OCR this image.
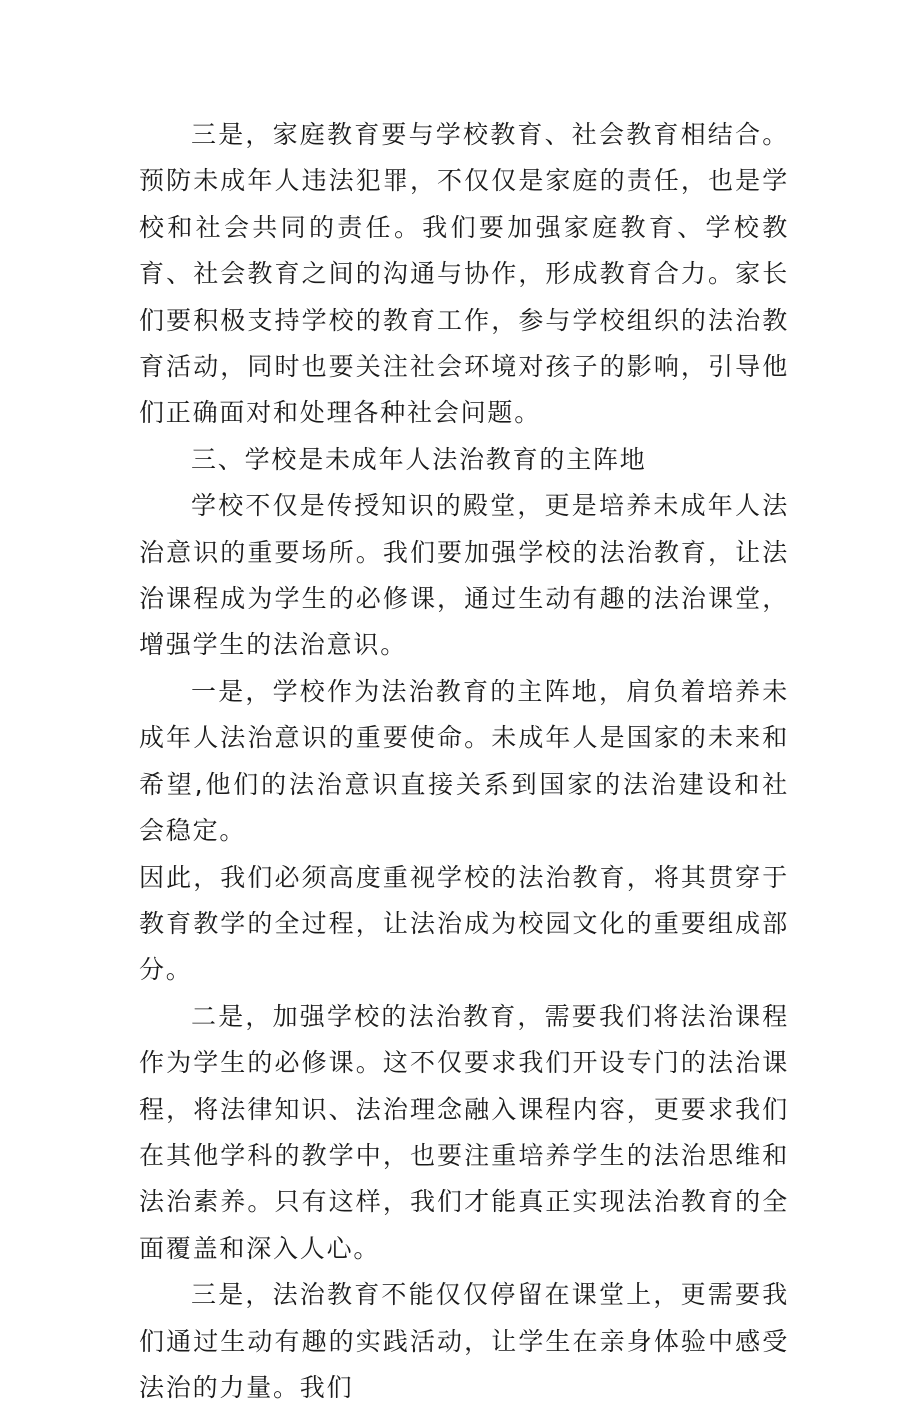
三是，家庭教育要与学校教育、社会教育相结合。预防未成年人违法犯罪，不仅仅是家庭的责任，也是学校和社会共同的责任。我们要加强家庭教育、学校教育、社会教育之间的沟通与协作，形成教育合力。家长们要积极支持学校的教育工作，参与学校组织的法治教育活动，同时也要关注社会环境对孩子的影响，引导他们正确面对和处理各种社会问题。

三、学校是未成年人法治教育的主阵地

学校不仅是传授知识的殿堂，更是培养未成年人法治意识的重要场所。我们要加强学校的法治教育，让法治课程成为学生的必修课，通过生动有趣的法治课堂，增强学生的法治意识。

一是，学校作为法治教育的主阵地，肩负着培养未成年人法治意识的重要使命。未成年人是国家的未来和希望,他们的法治意识直接关系到国家的法治建设和社会稳定。

因此，我们必须高度重视学校的法治教育，将其贯穿于教育教学的全过程，让法治成为校园文化的重要组成部分。

二是，加强学校的法治教育，需要我们将法治课程作为学生的必修课。这不仅要求我们开设专门的法治课程，将法律知识、法治理念融入课程内容，更要求我们在其他学科的教学中，也要注重培养学生的法治思维和法治素养。只有这样，我们才能真正实现法治教育的全面覆盖和深入人心。

三是，法治教育不能仅仅停留在课堂上，更需要我们通过生动有趣的实践活动，让学生在亲身体验中感受法治的力量。我们
